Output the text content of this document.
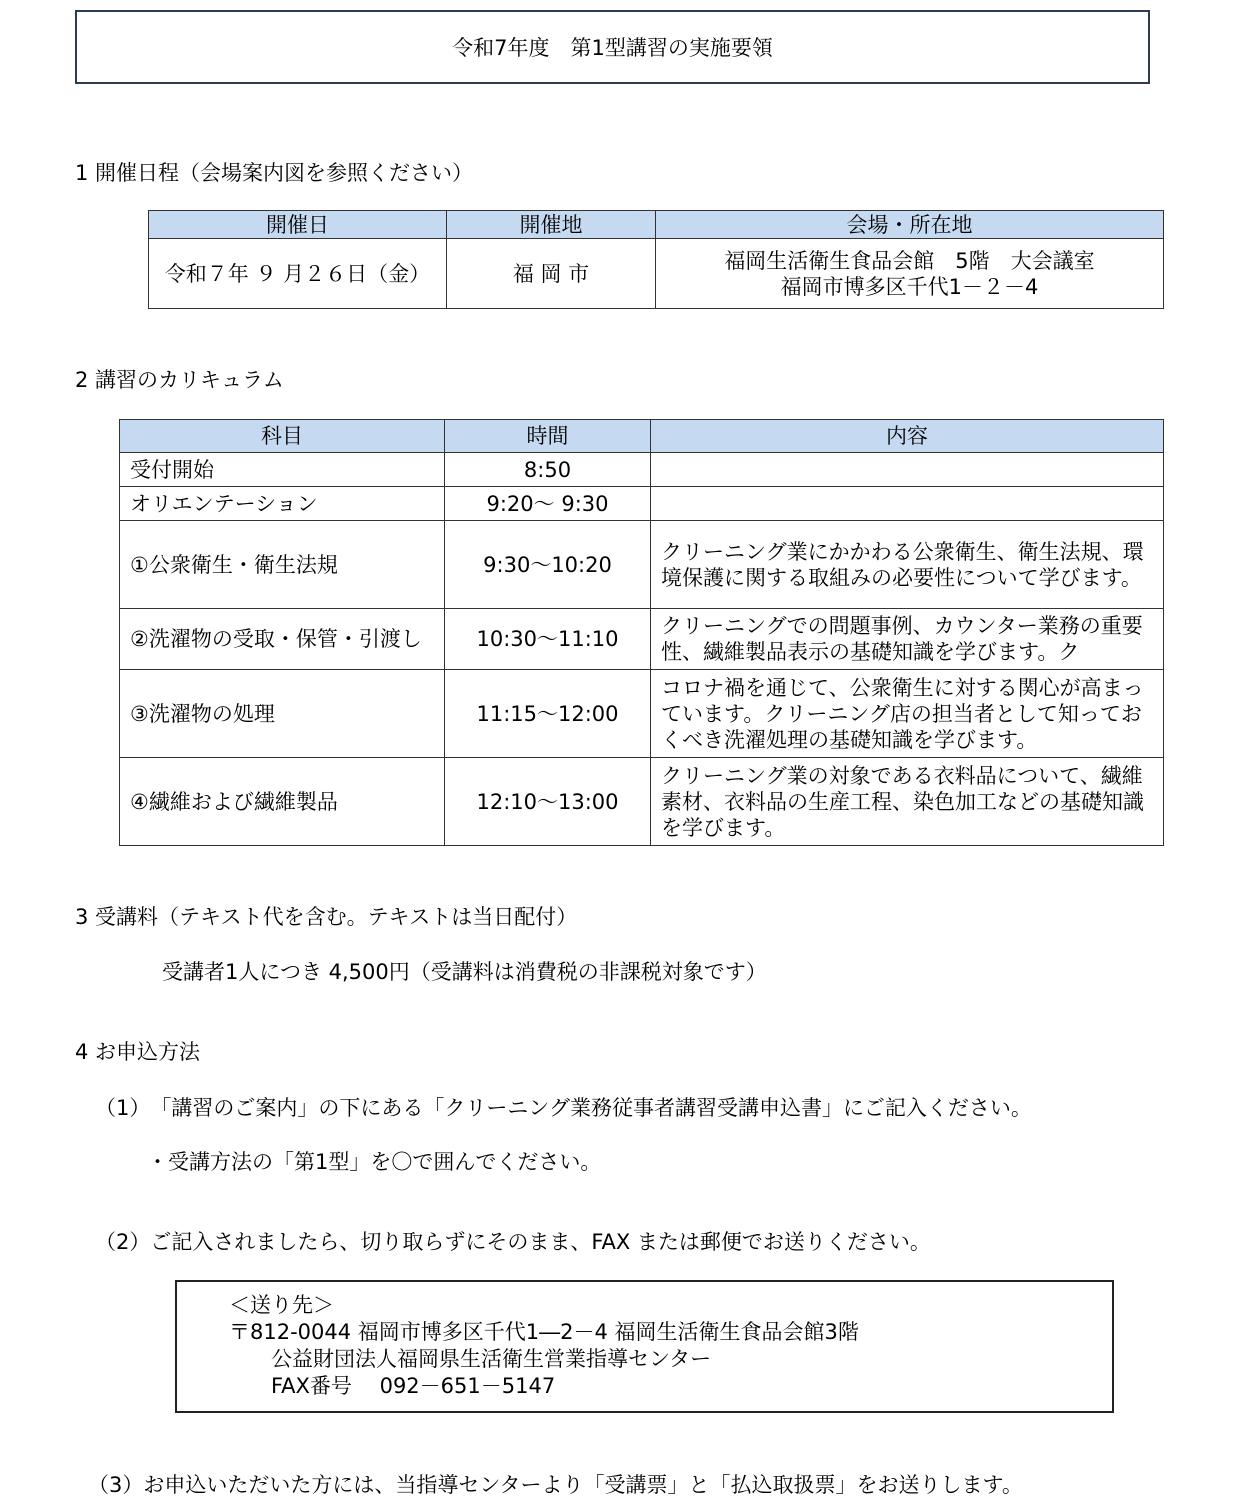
令和7年度　第1型講習の実施要領
1 開催日程（会場案内図を参照ください）
開催日	開催地	会場・所在地
令和７年 ９ 月２６日（金）	福 岡 市	福岡生活衛生食品会館　5階　大会議室
福岡市博多区千代1－２－4
2 講習のカリキュラム
科目	時間	内容
受付開始	8:50	
オリエンテーション	9:20～ 9:30	
①公衆衛生・衛生法規	9:30～10:20	クリーニング業にかかわる公衆衛生、衛生法規、環境保護に関する取組みの必要性について学びます。
②洗濯物の受取・保管・引渡し	10:30～11:10	クリーニングでの問題事例、カウンター業務の重要性、繊維製品表示の基礎知識を学びます。ク
③洗濯物の処理	11:15～12:00	コロナ禍を通じて、公衆衛生に対する関心が高まっています。クリーニング店の担当者として知っておくべき洗濯処理の基礎知識を学びます。
④繊維および繊維製品	12:10～13:00	クリーニング業の対象である衣料品について、繊維素材、衣料品の生産工程、染色加工などの基礎知識を学びます。
3 受講料（テキスト代を含む。テキストは当日配付）
受講者1人につき 4,500円（受講料は消費税の非課税対象です）
4 お申込方法
（1）　「講習のご案内」の下にある「クリーニング業務従事者講習受講申込書」にご記入ください。
・受講方法の「第1型」を〇で囲んでください。
（2）ご記入されましたら、切り取らずにそのまま、FAX または郵便でお送りください。
＜送り先＞
〒812-0044 福岡市博多区千代1―2－4 福岡生活衛生食品会館3階
公益財団法人福岡県生活衛生営業指導センター
FAX番号　 092－651－5147
（3）お申込いただいた方には、当指導センターより「受講票」と「払込取扱票」をお送りします。
